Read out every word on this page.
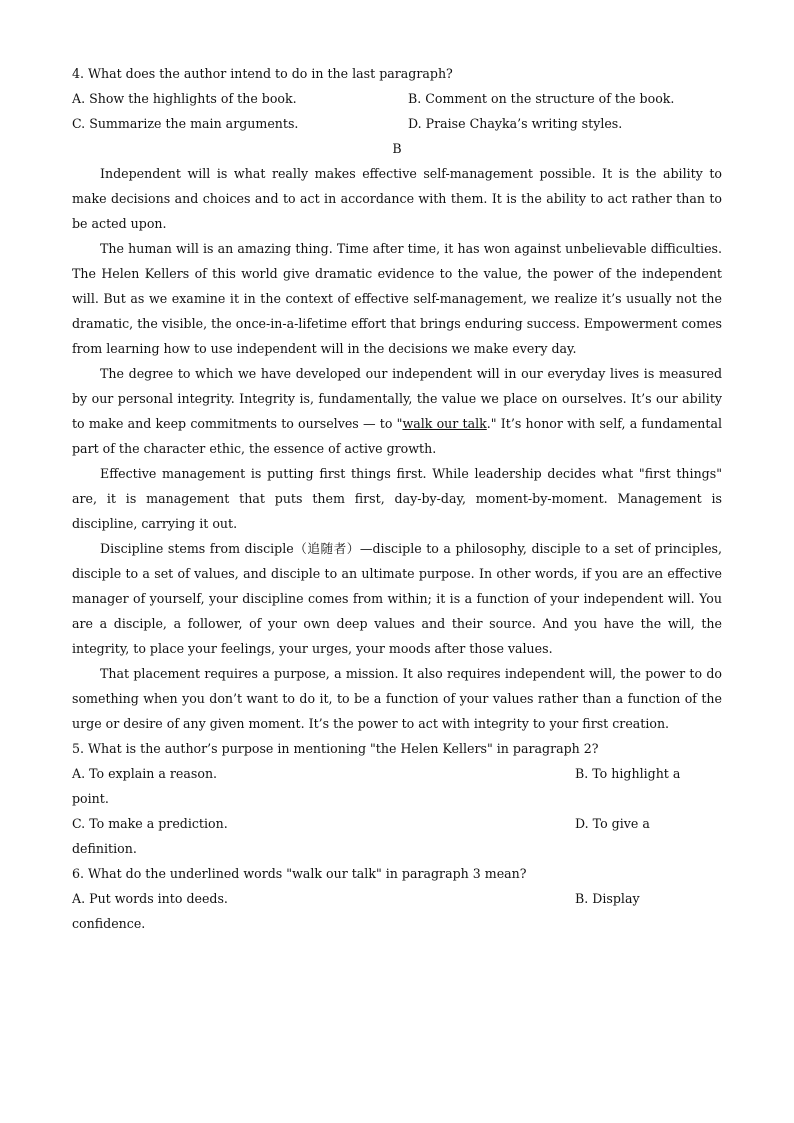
4. What does the author intend to do in the last paragraph?
A. Show the highlights of the book.	B. Comment on the structure of the book.
C. Summarize the main arguments.	D. Praise Chayka’s writing styles.
B

Independent will is what really makes effective self-management possible. It is the ability to make decisions and choices and to act in accordance with them. It is the ability to act rather than to be acted upon.

The human will is an amazing thing. Time after time, it has won against unbelievable difficulties. The Helen Kellers of this world give dramatic evidence to the value, the power of the independent will. But as we examine it in the context of effective self-management, we realize it’s usually not the dramatic, the visible, the once-in-a-lifetime effort that brings enduring success. Empowerment comes from learning how to use independent will in the decisions we make every day.

The degree to which we have developed our independent will in our everyday lives is measured by our personal integrity. Integrity is, fundamentally, the value we place on ourselves. It’s our ability to make and keep commitments to ourselves — to "walk our talk." It’s honor with self, a fundamental part of the character ethic, the essence of active growth.

Effective management is putting first things first. While leadership decides what "first things" are, it is management that puts them first, day-by-day, moment-by-moment. Management is discipline, carrying it out.

Discipline stems from disciple（追随者）—disciple to a philosophy, disciple to a set of principles, disciple to a set of values, and disciple to an ultimate purpose. In other words, if you are an effective manager of yourself, your discipline comes from within; it is a function of your independent will. You are a disciple, a follower, of your own deep values and their source. And you have the will, the integrity, to place your feelings, your urges, your moods after those values.

That placement requires a purpose, a mission. It also requires independent will, the power to do something when you don’t want to do it, to be a function of your values rather than a function of the urge or desire of any given moment. It’s the power to act with integrity to your first creation.

5. What is the author’s purpose in mentioning "the Helen Kellers" in paragraph 2?
A. To explain a reason.	B. To highlight a
point.
C. To make a prediction.	D. To give a
definition.
6. What do the underlined words "walk our talk" in paragraph 3 mean?
A. Put words into deeds.	B. Display
confidence.
